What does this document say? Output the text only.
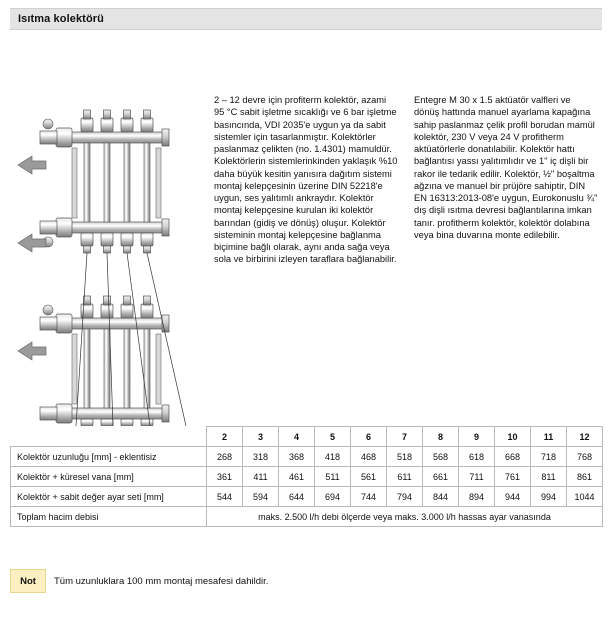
Isıtma kolektörü

2 – 12 devre için profiterm kolektör, azami 95 °C sabit işletme sıcaklığı ve 6 bar işletme basıncında, VDI 2035'e uygun ya da sabit sistemler için tasarlanmıştır. Kolektörler paslanmaz çelikten (no. 1.4301) mamuldür. Kolektörlerin sistemlerinkinden yaklaşık %10 daha büyük kesitin yanısıra dağıtım sistemi montaj kelepçesinin üzerine DIN 52218'e uygun, ses yalıtımlı ankraydır. Kolektör montaj kelepçesine kurulan iki kolektör barından (gidiş ve dönüş) oluşur. Kolektör sisteminin montaj kelepçesine bağlanma biçimine bağlı olarak, aynı anda sağa veya sola ve birbirini izleyen taraflara bağlanabilir.

Entegre M 30 x 1.5 aktüatör valfleri ve dönüş hattında manuel ayarlama kapağına sahip paslanmaz çelik profil borudan mamül kolektör, 230 V veya 24 V profitherm aktüatörlerle donatılabilir. Kolektör hattı bağlantısı yassı yalıtımlıdır ve 1" iç dişli bir rakor ile tedarik edilir. Kolektör, ½" boşaltma ağzına ve manuel bir prüjöre sahiptir, DIN EN 16313:2013-08'e uygun, Eurokonuslu ¾" dış dişli ısıtma devresi bağlantılarına imkan tanır. profitherm kolektör, kolektör dolabına veya bina duvarına monte edilebilir.

	2	3	4	5	6	7	8	9	10	11	12
Kolektör uzunluğu [mm] - eklentisiz	268	318	368	418	468	518	568	618	668	718	768
Kolektör + küresel vana [mm]	361	411	461	511	561	611	661	711	761	811	861
Kolektör + sabit değer ayar seti [mm]	544	594	644	694	744	794	844	894	944	994	1044
Toplam hacim debisi	maks. 2.500 l/h debi ölçerde veya maks. 3.000 l/h hassas ayar vanasında										
Not	Tüm uzunluklara 100 mm montaj mesafesi dahildir.
